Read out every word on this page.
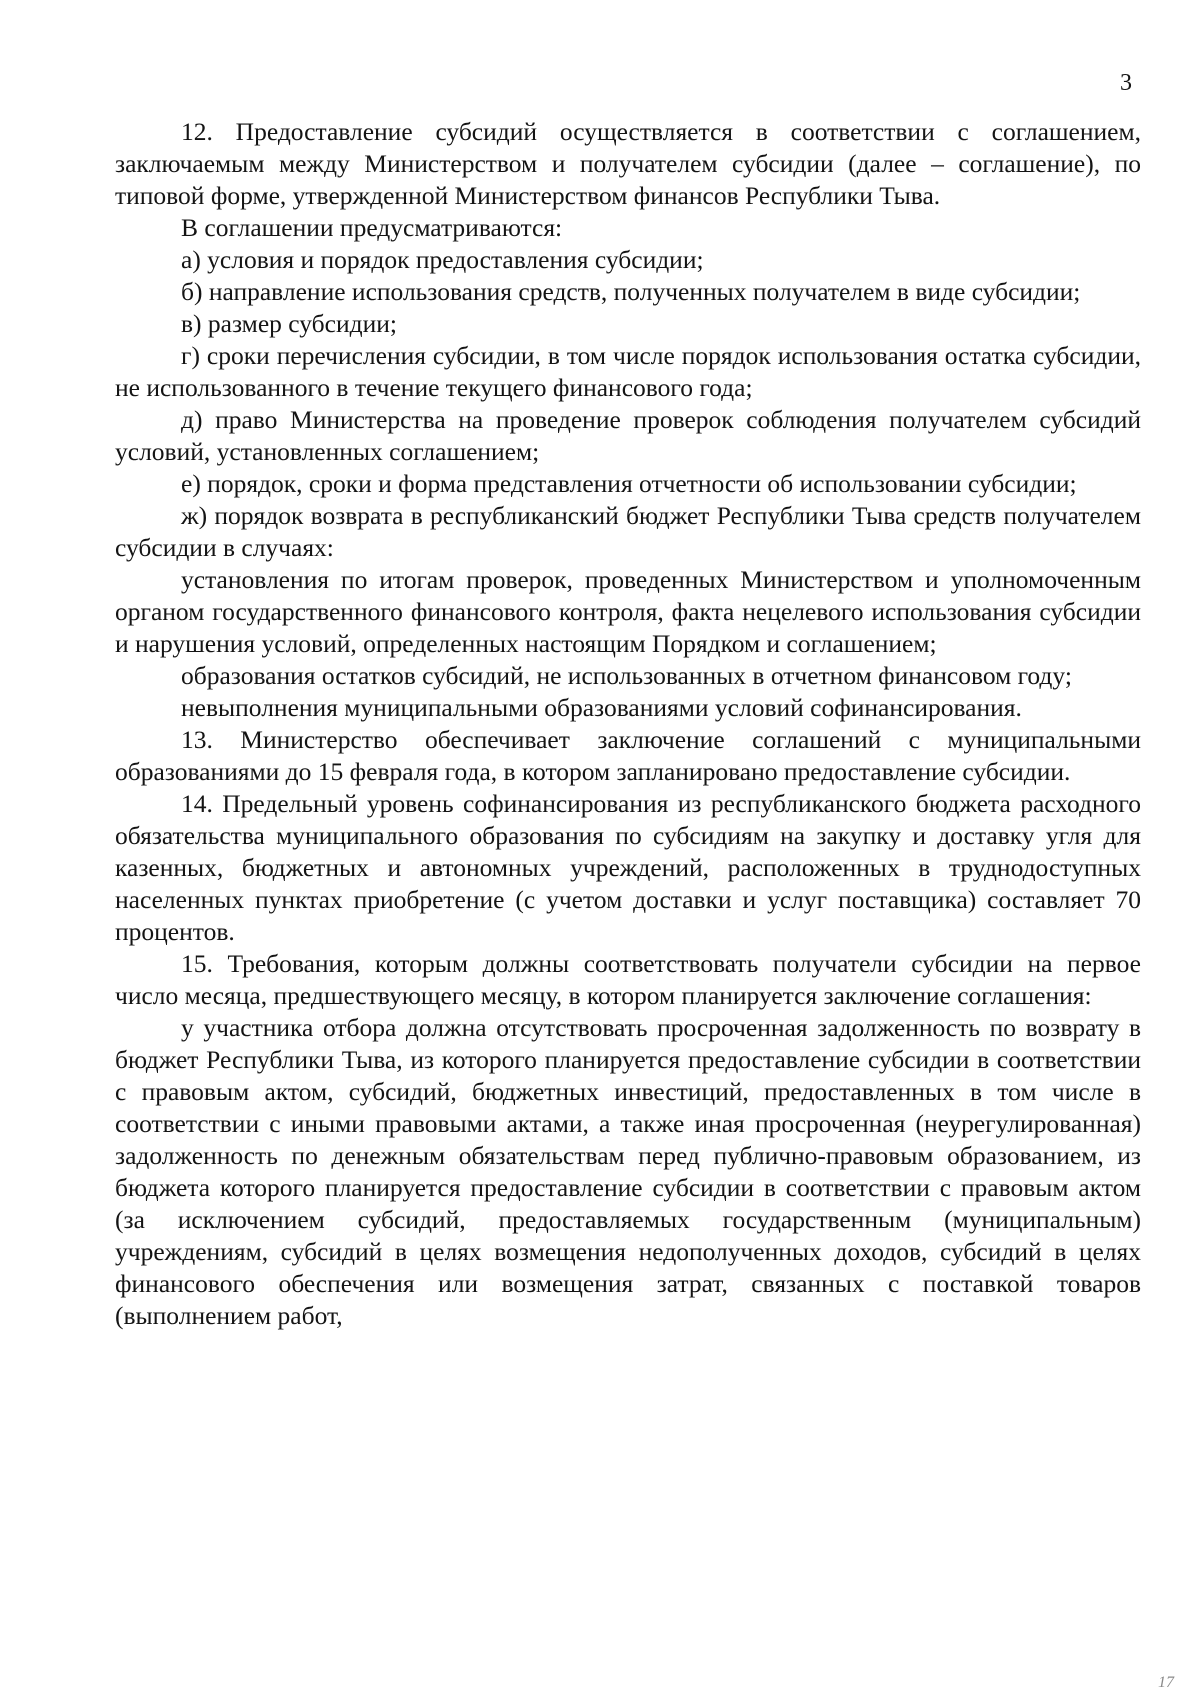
3

12. Предоставление субсидий осуществляется в соответствии с соглашением, заключаемым между Министерством и получателем субсидии (далее – соглашение), по типовой форме, утвержденной Министерством финансов Республики Тыва.

В соглашении предусматриваются:

а) условия и порядок предоставления субсидии;

б) направление использования средств, полученных получателем в виде субсидии;

в) размер субсидии;

г) сроки перечисления субсидии, в том числе порядок использования остатка субсидии, не использованного в течение текущего финансового года;

д) право Министерства на проведение проверок соблюдения получателем субсидий условий, установленных соглашением;

е) порядок, сроки и форма представления отчетности об использовании субсидии;

ж) порядок возврата в республиканский бюджет Республики Тыва средств получателем субсидии в случаях:

установления по итогам проверок, проведенных Министерством и уполномоченным органом государственного финансового контроля, факта нецелевого использования субсидии и нарушения условий, определенных настоящим Порядком и соглашением;

образования остатков субсидий, не использованных в отчетном финансовом году;

невыполнения муниципальными образованиями условий софинансирования.

13. Министерство обеспечивает заключение соглашений с муниципальными образованиями до 15 февраля года, в котором запланировано предоставление субсидии.

14. Предельный уровень софинансирования из республиканского бюджета расходного обязательства муниципального образования по субсидиям на закупку и доставку угля для казенных, бюджетных и автономных учреждений, расположенных в труднодоступных населенных пунктах приобретение (с учетом доставки и услуг поставщика) составляет 70 процентов.

15. Требования, которым должны соответствовать получатели субсидии на первое число месяца, предшествующего месяцу, в котором планируется заключение соглашения:

у участника отбора должна отсутствовать просроченная задолженность по возврату в бюджет Республики Тыва, из которого планируется предоставление субсидии в соответствии с правовым актом, субсидий, бюджетных инвестиций, предоставленных в том числе в соответствии с иными правовыми актами, а также иная просроченная (неурегулированная) задолженность по денежным обязательствам перед публично-правовым образованием, из бюджета которого планируется предоставление субсидии в соответствии с правовым актом (за исключением субсидий, предоставляемых государственным (муниципальным) учреждениям, субсидий в целях возмещения недополученных доходов, субсидий в целях финансового обеспечения или возмещения затрат, связанных с поставкой товаров (выполнением работ,

17
